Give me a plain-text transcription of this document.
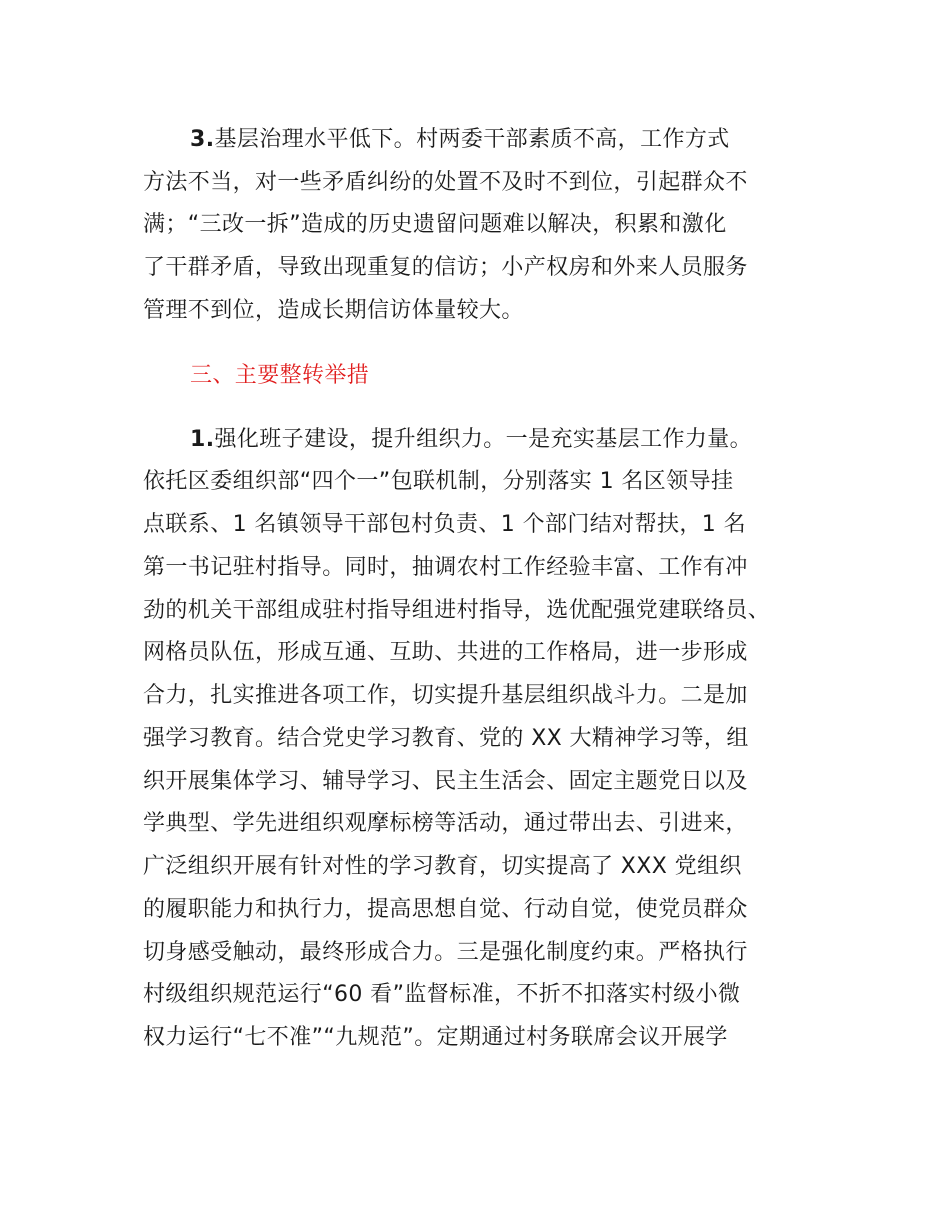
3.基层治理水平低下。村两委干部素质不高，工作方式
方法不当，对一些矛盾纠纷的处置不及时不到位，引起群众不
满；“三改一拆”造成的历史遗留问题难以解决，积累和激化
了干群矛盾，导致出现重复的信访；小产权房和外来人员服务
管理不到位，造成长期信访体量较大。
三、主要整转举措
1.强化班子建设，提升组织力。一是充实基层工作力量。
依托区委组织部“四个一”包联机制，分别落实 1 名区领导挂
点联系、1 名镇领导干部包村负责、1 个部门结对帮扶，1 名
第一书记驻村指导。同时，抽调农村工作经验丰富、工作有冲
劲的机关干部组成驻村指导组进村指导，选优配强党建联络员、
网格员队伍，形成互通、互助、共进的工作格局，进一步形成
合力，扎实推进各项工作，切实提升基层组织战斗力。二是加
强学习教育。结合党史学习教育、党的 XX 大精神学习等，组
织开展集体学习、辅导学习、民主生活会、固定主题党日以及
学典型、学先进组织观摩标榜等活动，通过带出去、引进来，
广泛组织开展有针对性的学习教育，切实提高了 XXX 党组织
的履职能力和执行力，提高思想自觉、行动自觉，使党员群众
切身感受触动，最终形成合力。三是强化制度约束。严格执行
村级组织规范运行“60 看”监督标准，不折不扣落实村级小微
权力运行“七不准”“九规范”。定期通过村务联席会议开展学
